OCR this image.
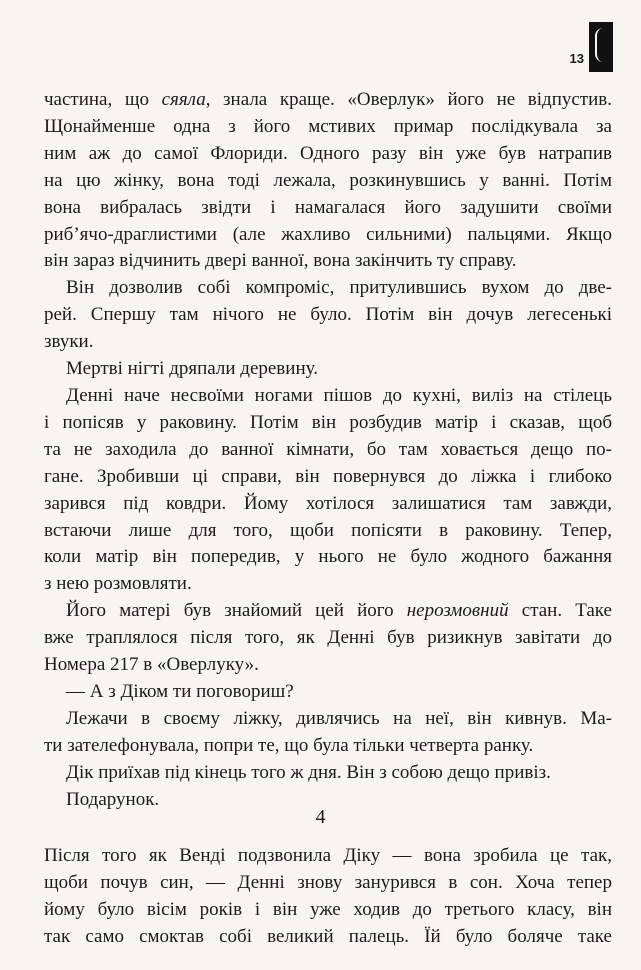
13
частина, що сяяла, знала краще. «Оверлук» його не відпустив.
Щонайменше одна з його мстивих примар послідкувала за
ним аж до самої Флориди. Одного разу він уже був натрапив
на цю жінку, вона тоді лежала, розкинувшись у ванні. Потім
вона вибралась звідти і намагалася його задушити своїми
риб’ячо-драглистими (але жахливо сильними) пальцями. Якщо
він зараз відчинить двері ванної, вона закінчить ту справу.
Він дозволив собі компроміс, притулившись вухом до две-
рей. Спершу там нічого не було. Потім він дочув легесенькі
звуки.
Мертві нігті дряпали деревину.
Денні наче несвоїми ногами пішов до кухні, виліз на стілець
і попісяв у раковину. Потім він розбудив матір і сказав, щоб
та не заходила до ванної кімнати, бо там ховається дещо по-
гане. Зробивши ці справи, він повернувся до ліжка і глибоко
зарився під ковдри. Йому хотілося залишатися там завжди,
встаючи лише для того, щоби попісяти в раковину. Тепер,
коли матір він попередив, у нього не було жодного бажання
з нею розмовляти.
Його матері був знайомий цей його нерозмовний стан. Таке
вже траплялося після того, як Денні був ризикнув завітати до
Номера 217 в «Оверлуку».
— А з Діком ти поговориш?
Лежачи в своєму ліжку, дивлячись на неї, він кивнув. Ма-
ти зателефонувала, попри те, що була тільки четверта ранку.
Дік приїхав під кінець того ж дня. Він з собою дещо привіз.
Подарунок.
4
Після того як Венді подзвонила Діку — вона зробила це так,
щоби почув син, — Денні знову занурився в сон. Хоча тепер
йому було вісім років і він уже ходив до третього класу, він
так само смоктав собі великий палець. Їй було боляче таке
